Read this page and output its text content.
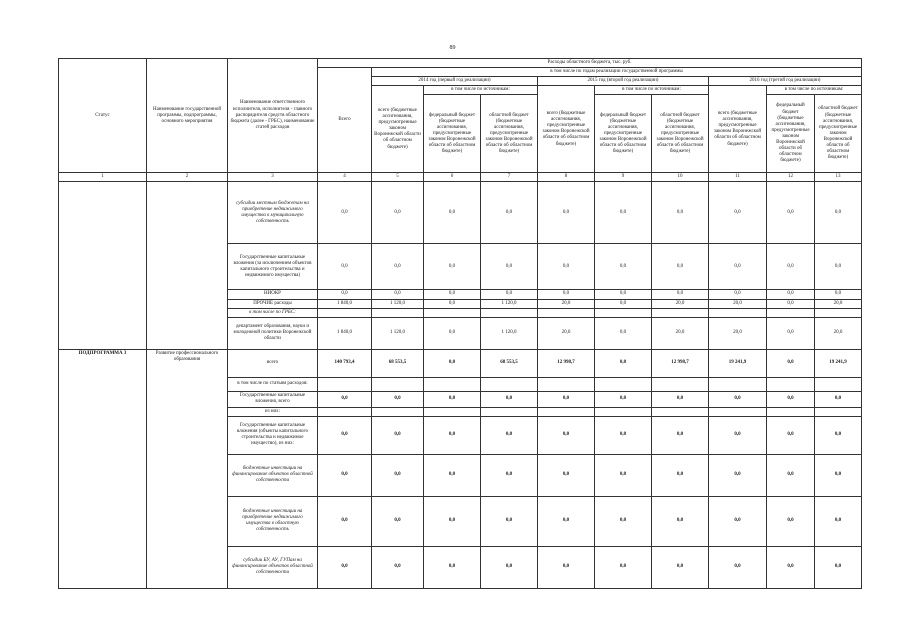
89
Статус	Наименование государственной программы, подпрограммы, основного мероприятия	Наименование ответственного исполнителя, исполнителя - главного распорядителя средств областного бюджета (далее - ГРБС), наименование статей расходов	Расходы областного бюджета, тыс. руб.									
			Всего	в том числе по годам реализации государственной программы								
				2014 год (первый год реализации)			2015 год (второй год реализации)			2016 год (третий год реализации)		
				всего (бюджетные ассигнования, предусмотренные законом Воронежской области об областном бюджете)	в том числе по источникам:		всего (бюджетные ассигнования, предусмотренные законом Воронежской области об областном бюджете)	в том числе по источникам:		всего (бюджетные ассигнования, предусмотренные законом Воронежской области об областном бюджете)	в том числе по источникам:	
					федеральный бюджет (бюджетные ассигнования, предусмотренные законом Воронежской области об областном бюджете)	областной бюджет (бюджетные ассигнования, предусмотренные законом Воронежской области об областном бюджете)		федеральный бюджет (бюджетные ассигнования, предусмотренные законом Воронежской области об областном бюджете)	областной бюджет (бюджетные ассигнования, предусмотренные законом Воронежской области об областном бюджете)		федеральный бюджет (бюджетные ассигнования, предусмотренные законом Воронежской области об областном бюджете)	областной бюджет (бюджетные ассигнования, предусмотренные законом Воронежской области об областном бюджете)
1	2	3	4	5	6	7	8	9	10	11	12	13
		субсидии местным бюджетам на приобретение недвижимого имущества в муниципальную собственность	0,0	0,0	0,0	0,0	0,0	0,0	0,0	0,0	0,0	0,0
		Государственные капитальные вложения (за исключением объектов капитального строительства и недвижимого имущества)	0,0	0,0	0,0	0,0	0,0	0,0	0,0	0,0	0,0	0,0
		НИОКР	0,0	0,0	0,0	0,0	0,0	0,0	0,0	0,0	0,0	0,0
		ПРОЧИЕ расходы	1 840,0	1 120,0	0,0	1 120,0	20,0	0,0	20,0	20,0	0,0	20,0
		в том числе по ГРБС:										
		департамент образования, науки и молодежной политики Воронежской области	1 840,0	1 120,0	0,0	1 120,0	20,0	0,0	20,0	20,0	0,0	20,0
ПОДПРОГРАММА 3	Развитие профессионального образования	всего	140 793,4	68 553,5	0,0	68 553,5	12 998,7	0,0	12 998,7	19 241,9	0,0	19 241,9
		в том числе по статьям расходов:										
		Государственные капитальные вложения, всего	0,0	0,0	0,0	0,0	0,0	0,0	0,0	0,0	0,0	0,0
		из них:										
		Государственные капитальные вложения (объекты капитального строительства и недвижимое имущество), из них:	0,0	0,0	0,0	0,0	0,0	0,0	0,0	0,0	0,0	0,0
		бюджетные инвестиции на финансирование объектов областной собственности	0,0	0,0	0,0	0,0	0,0	0,0	0,0	0,0	0,0	0,0
		бюджетные инвестиции на приобретение недвижимого имущества в областную собственность	0,0	0,0	0,0	0,0	0,0	0,0	0,0	0,0	0,0	0,0
		субсидии БУ, АУ, ГУПам на финансирование объектов областной собственности	0,0	0,0	0,0	0,0	0,0	0,0	0,0	0,0	0,0	0,0
